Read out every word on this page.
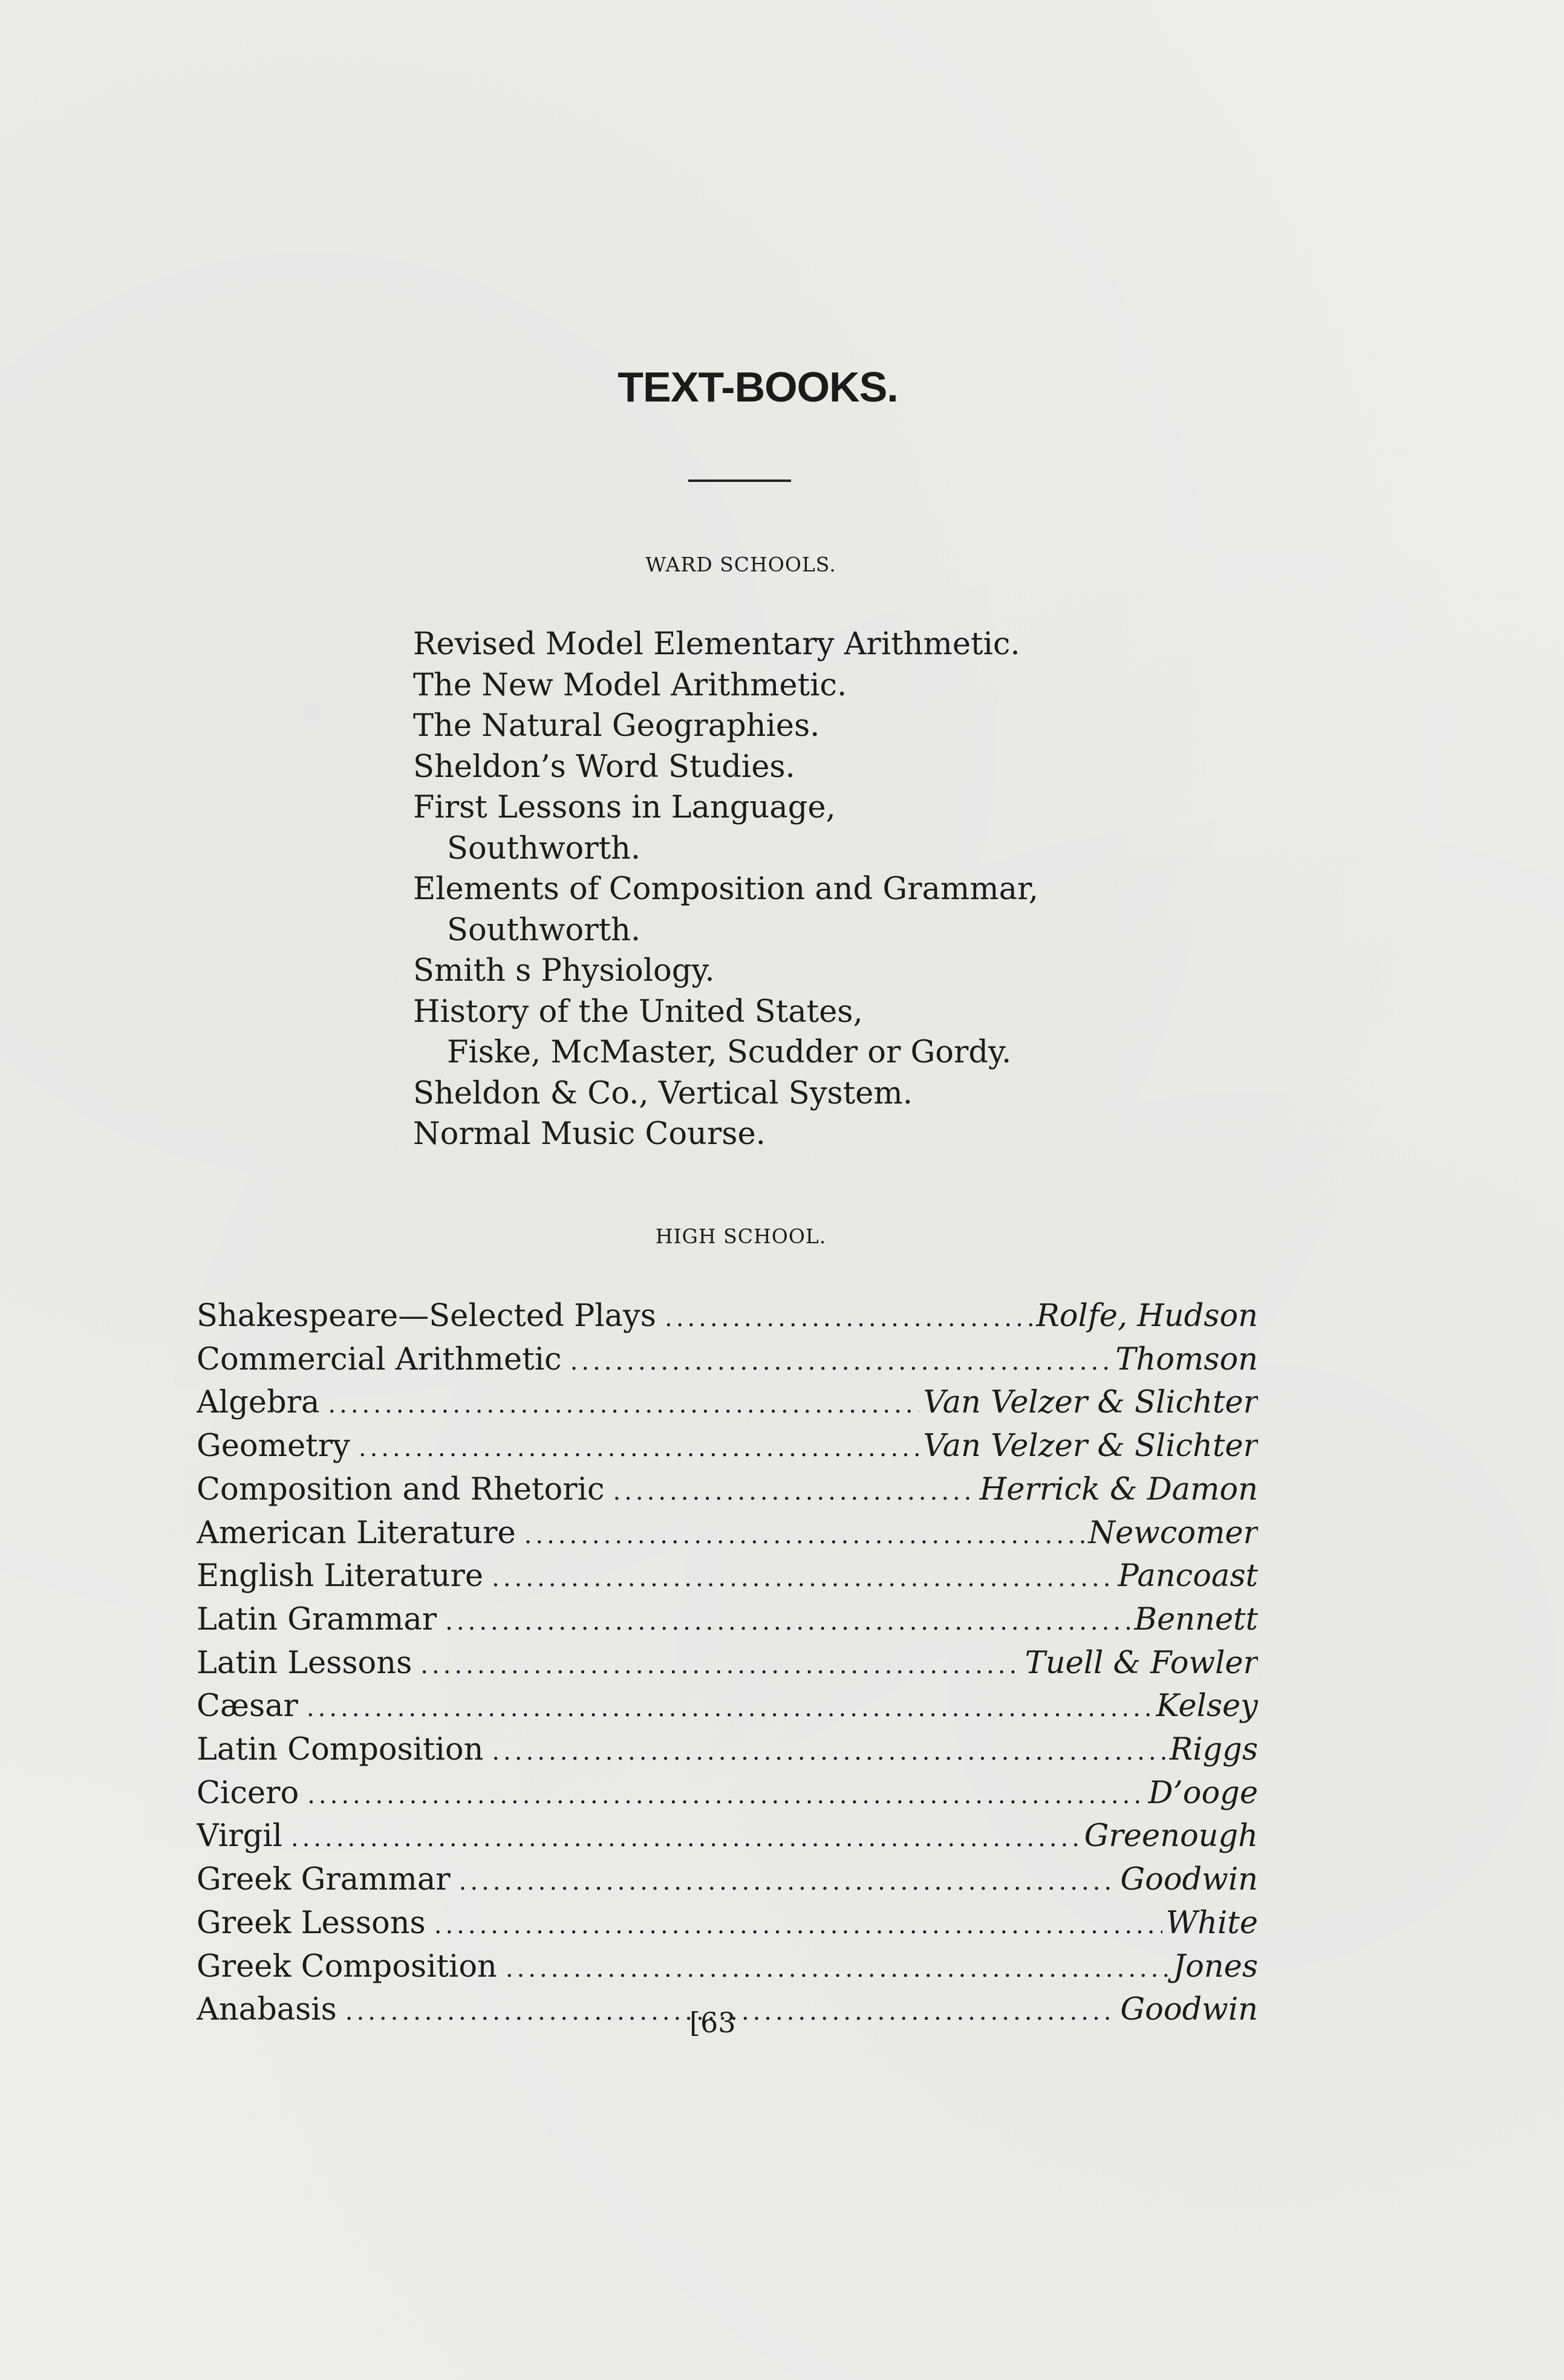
TEXT-BOOKS.
WARD SCHOOLS.
Revised Model Elementary Arithmetic.
The New Model Arithmetic.
The Natural Geographies.
Sheldon’s Word Studies.
First Lessons in Language,
Southworth.
Elements of Composition and Grammar,
Southworth.
Smith s Physiology.
History of the United States,
Fiske, McMaster, Scudder or Gordy.
Sheldon & Co., Vertical System.
Normal Music Course.
HIGH SCHOOL.
Shakespeare—Selected Plays .....	Rolfe, Hudson
Commercial Arithmetic .....	Thomson
Algebra .....	Van Velzer & Slichter
Geometry .....	Van Velzer & Slichter
Composition and Rhetoric .....	Herrick & Damon
American Literature .....	Newcomer
English Literature .....	Pancoast
Latin Grammar .....	Bennett
Latin Lessons .....	Tuell & Fowler
Cæsar .....	Kelsey
Latin Composition .....	Riggs
Cicero .....	D’ooge
Virgil .....	Greenough
Greek Grammar .....	Goodwin
Greek Lessons .....	White
Greek Composition .....	Jones
Anabasis .....	Goodwin
[63
